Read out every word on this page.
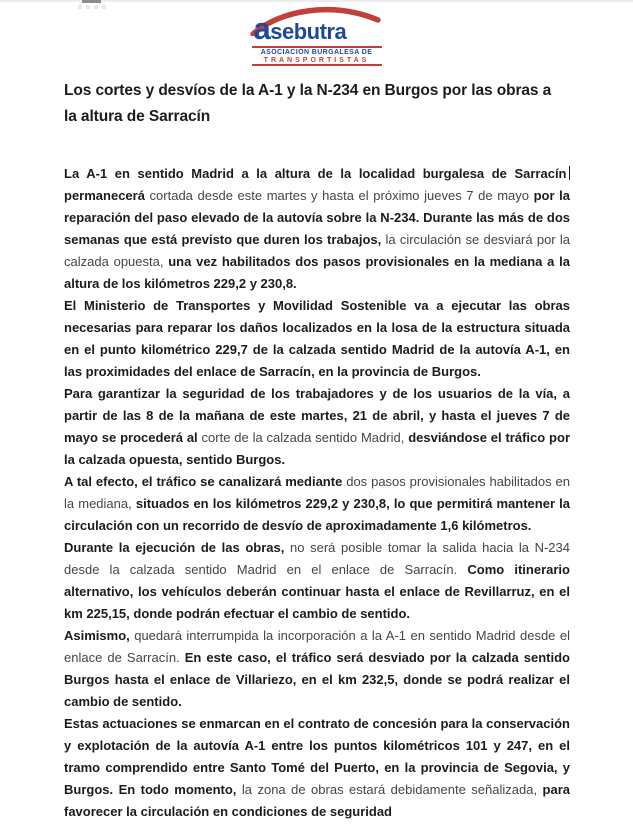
asebutra
ASOCIACIÓN BURGALESA DE
TRANSPORTISTAS
Los cortes y desvíos de la A-1 y la N-234 en Burgos por las obras a la altura de Sarracín

La A-1 en sentido Madrid a la altura de la localidad burgalesa de Sarracín permanecerá cortada desde este martes y hasta el próximo jueves 7 de mayo por la reparación del paso elevado de la autovía sobre la N-234. Durante las más de dos semanas que está previsto que duren los trabajos, la circulación se desviará por la calzada opuesta, una vez habilitados dos pasos provisionales en la mediana a la altura de los kilómetros 229,2 y 230,8.

El Ministerio de Transportes y Movilidad Sostenible va a ejecutar las obras necesarias para reparar los daños localizados en la losa de la estructura situada en el punto kilométrico 229,7 de la calzada sentido Madrid de la autovía A-1, en las proximidades del enlace de Sarracín, en la provincia de Burgos.

Para garantizar la seguridad de los trabajadores y de los usuarios de la vía, a partir de las 8 de la mañana de este martes, 21 de abril, y hasta el jueves 7 de mayo se procederá al corte de la calzada sentido Madrid, desviándose el tráfico por la calzada opuesta, sentido Burgos.

A tal efecto, el tráfico se canalizará mediante dos pasos provisionales habilitados en la mediana, situados en los kilómetros 229,2 y 230,8, lo que permitirá mantener la circulación con un recorrido de desvío de aproximadamente 1,6 kilómetros.

Durante la ejecución de las obras, no será posible tomar la salida hacia la N-234 desde la calzada sentido Madrid en el enlace de Sarracín. Como itinerario alternativo, los vehículos deberán continuar hasta el enlace de Revillarruz, en el km 225,15, donde podrán efectuar el cambio de sentido.

Asimismo, quedará interrumpida la incorporación a la A-1 en sentido Madrid desde el enlace de Sarracín. En este caso, el tráfico será desviado por la calzada sentido Burgos hasta el enlace de Villariezo, en el km 232,5, donde se podrá realizar el cambio de sentido.

Estas actuaciones se enmarcan en el contrato de concesión para la conservación y explotación de la autovía A-1 entre los puntos kilométricos 101 y 247, en el tramo comprendido entre Santo Tomé del Puerto, en la provincia de Segovia, y Burgos. En todo momento, la zona de obras estará debidamente señalizada, para favorecer la circulación en condiciones de seguridad
